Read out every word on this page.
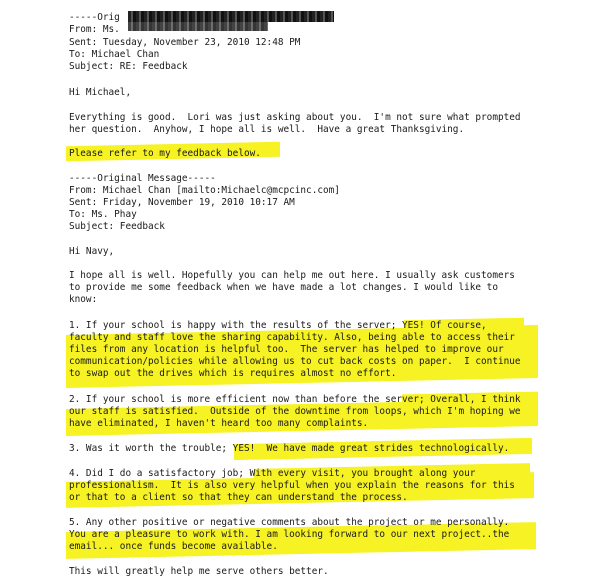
-----Orig
From: Ms.
Sent: Tuesday, November 23, 2010 12:48 PM
To: Michael Chan
Subject: RE: Feedback
Hi Michael,
Everything is good.  Lori was just asking about you.  I'm not sure what prompted
her question.  Anyhow, I hope all is well.  Have a great Thanksgiving.
Please refer to my feedback below.
-----Original Message-----
From: Michael Chan [mailto:Michaelc@mcpcinc.com]
Sent: Friday, November 19, 2010 10:17 AM
To: Ms. Phay
Subject: Feedback
Hi Navy,
I hope all is well. Hopefully you can help me out here. I usually ask customers
to provide me some feedback when we have made a lot changes. I would like to
know:
1. If your school is happy with the results of the server; YES! Of course,
faculty and staff love the sharing capability. Also, being able to access their
files from any location is helpful too.  The server has helped to improve our
communication/policies while allowing us to cut back costs on paper.  I continue
to swap out the drives which is requires almost no effort.
2. If your school is more efficient now than before the server; Overall, I think
our staff is satisfied.  Outside of the downtime from loops, which I'm hoping we
have eliminated, I haven't heard too many complaints.
3. Was it worth the trouble; YES!  We have made great strides technologically.
4. Did I do a satisfactory job; With every visit, you brought along your
professionalism.  It is also very helpful when you explain the reasons for this
or that to a client so that they can understand the process.
5. Any other positive or negative comments about the project or me personally.
You are a pleasure to work with. I am looking forward to our next project..the
email... once funds become available.
This will greatly help me serve others better.
